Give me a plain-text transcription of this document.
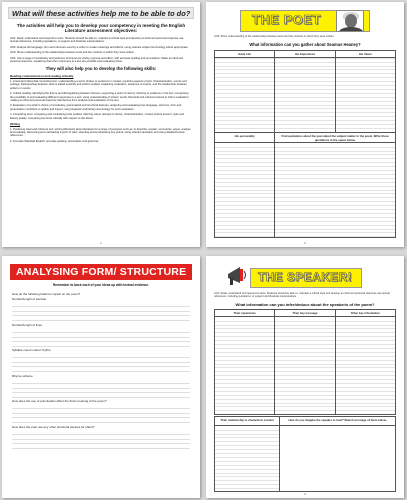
What will these activities help me to be able to do?
The activities will help you to develop your competency in meeting the English Literature assessment objectives:

AO1: Read, understand and respond to texts. Students should be able to: maintain a critical style and develop an informed personal response use textual references, including quotations, to support and illustrate interpretations.

AO2: Analyse the language, form and structure used by a writer to create meanings and effects, using relevant subject terminology where appropriate.

AO3: Show understanding of the relationships between texts and the contexts in which they were written.

AO4: Use a range of vocabulary and sentence structures for clarity, purpose and effect, with accurate spelling and punctuation. Make an informed personal response, explaining that other responses to a text are possible and evaluating these.

They will also help you to develop the following skills:
Reading comprehension and reading critically

1. Literal and inferential comprehension: understanding a word, phrase or sentence in context; exploring aspects of plot, characterisation, events and settings; distinguishing between what is stated explicitly and what is implied; explaining motivation, sequence of events, and the relationship between actions or events.

2. Critical reading: identifying the theme and distinguishing between themes; supporting a point of view by referring to evidence in the text; recognising the possibility of and evaluating different responses to a text; using understanding of writers' social, historical and cultural contexts to inform evaluation; making an informed personal response that derives from analysis and evaluation of the text.

3. Evaluation of a writer's choice of vocabulary, grammatical and structural features: analysing and evaluating how language, structure, form and presentation contribute to quality and impact; using linguistic and literary terminology for such evaluation.

4. Comparing texts: comparing and contrasting texts studied, referring where relevant to theme, characterisation, context (where known), style and literary quality; comparing two texts critically with respect to the above.

Writing

1. Producing clear and coherent text: writing effectively about literature for a range of purposes such as: to describe, explain, summarise, argue, analyse and evaluate; discussing and maintaining a point of view; selecting and emphasising key points; using relevant quotation and using detailed textual references.

2. Accurate Standard English: accurate spelling, punctuation and grammar.

1
THE POET
AO3: Show understanding of the relationships between texts and the contexts in which they were written.
What information can you gather about Seamus Heaney?
Early Life	His Experience	His Views

His personality	Find quotations about the poet about the subject matter in the poem. Write these quotations in the space below.	

2
ANALYSING FORM/ STRUCTURE
Remember to back each of your ideas up with textual evidence.
How do the following features impact on the poem?
Number/length of stanzas
Number/length of lines
Syllable count/ metre/ rhythm
Rhyme scheme
How does the use of punctuation affect the flow/ meaning of the poem?
How does the poet use any other structural devices for effect?
THE SPEAKER!
AO1: Read, understand and respond to texts. Students should be able to: maintain a critical style and develop an informed personal response use textual references, including quotations, to support and illustrate interpretations.
What information can you infer/deduce about the speaker/s of the poem?
Their experience	Their key message	Other key information

Their relationship to characters/ context	How do you imagine the speaker to look? Sketch an image of them below.

3
